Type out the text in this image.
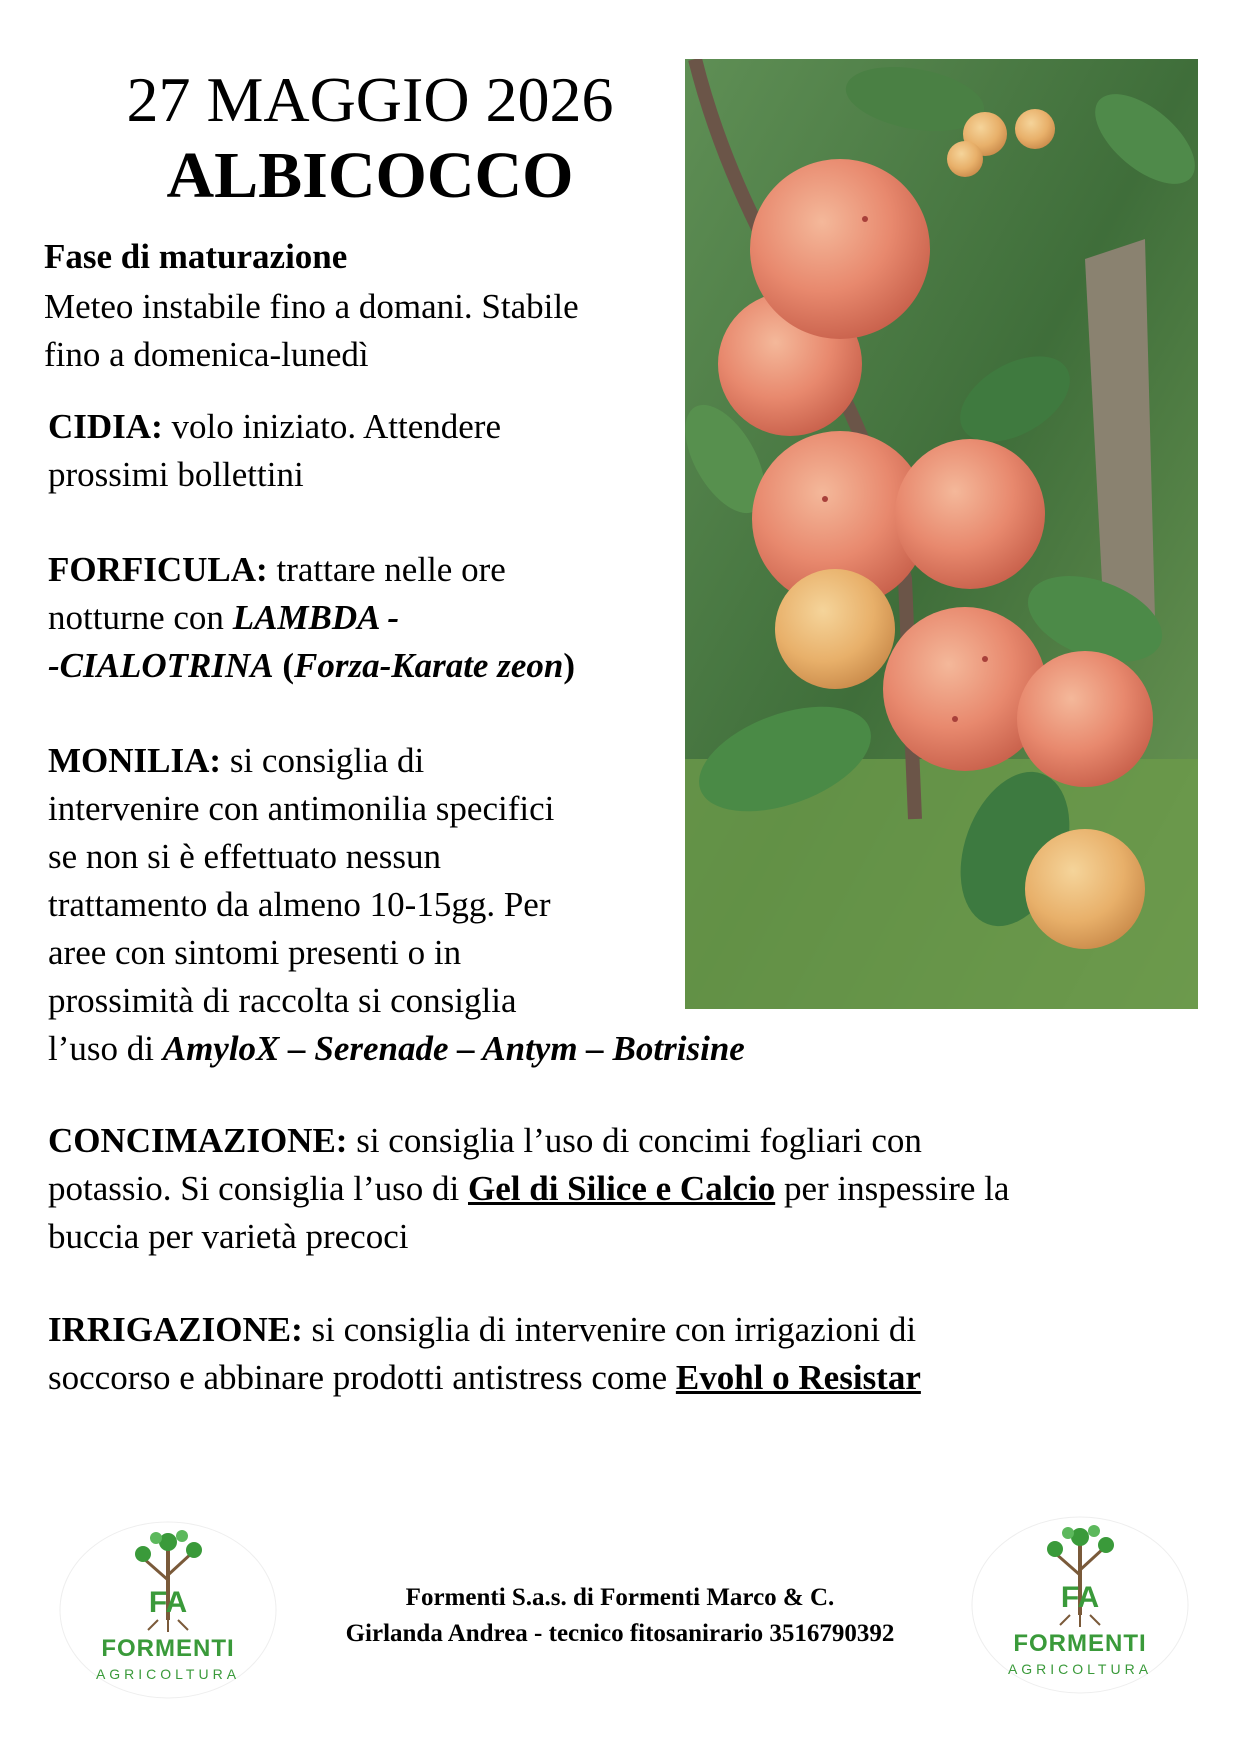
27 MAGGIO 2026
ALBICOCCO
Fase di maturazione
Meteo instabile fino a domani. Stabile
fino a domenica-lunedì
CIDIA: volo iniziato. Attendere
prossimi bollettini
FORFICULA: trattare nelle ore
notturne con LAMBDA -
-CIALOTRINA (Forza-Karate zeon)
MONILIA: si consiglia di
intervenire con antimonilia specifici
se non si è effettuato nessun
trattamento da almeno 10-15gg. Per
aree con sintomi presenti o in
prossimità di raccolta si consiglia
l’uso di AmyloX – Serenade – Antym – Botrisine
CONCIMAZIONE: si consiglia l’uso di concimi fogliari con
potassio. Si consiglia l’uso di Gel di Silice e Calcio per inspessire la
buccia per varietà precoci
IRRIGAZIONE: si consiglia di intervenire con irrigazioni di
soccorso e abbinare prodotti antistress come Evohl o Resistar
FA
FORMENTI
AGRICOLTURA
FA
FORMENTI
AGRICOLTURA
Formenti S.a.s. di Formenti Marco & C.
Girlanda Andrea - tecnico fitosanirario 3516790392
